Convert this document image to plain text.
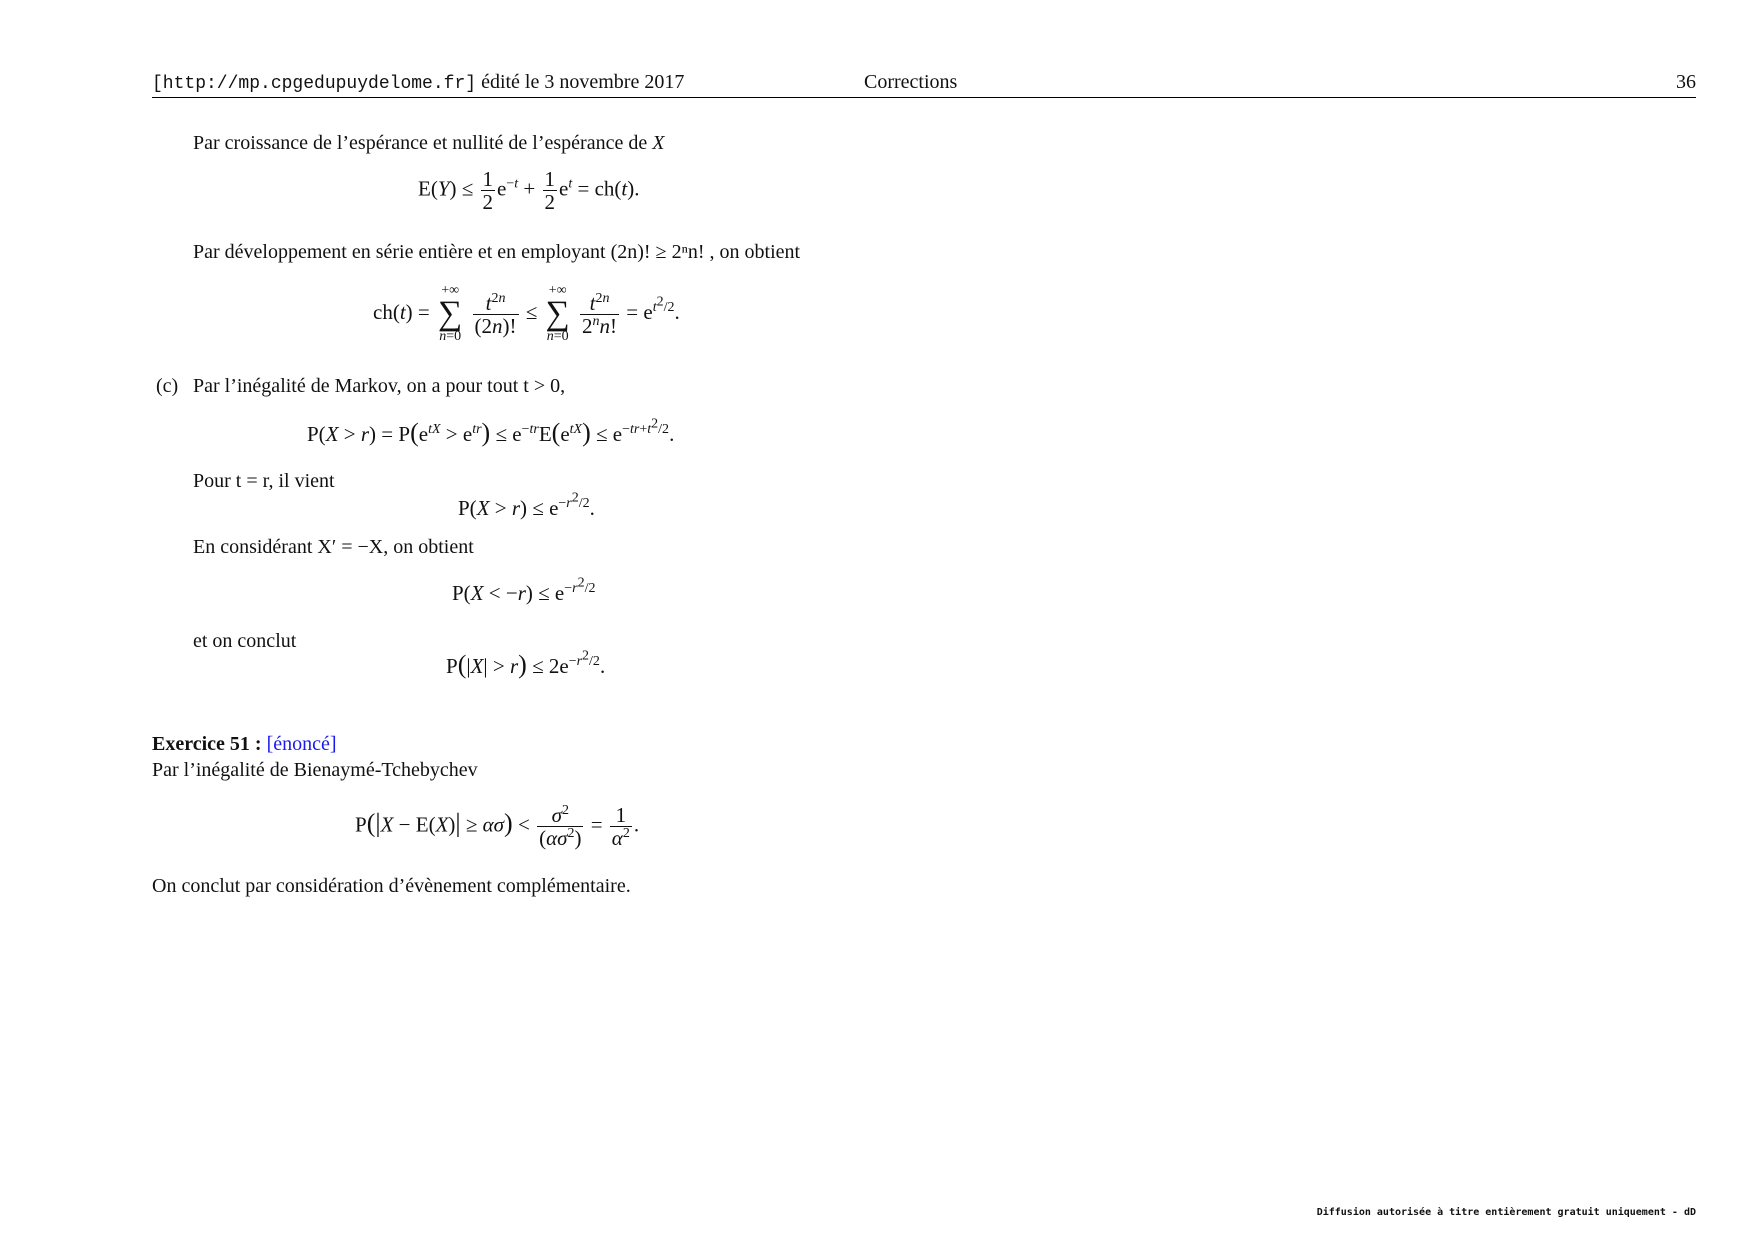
[http://mp.cpgedupuydelome.fr] édité le 3 novembre 2017	Corrections	36
Par croissance de l’espérance et nullité de l’espérance de X
$E(Y) \le \frac{1}{2} e^{-t} + \frac{1}{2} e^t = ch(t)$.
Par développement en série entière et en employant (2n)! ≥ 2ⁿn! , on obtient
ch(t) =
+∞
∑
n=0
$\frac{t^{2n}}{(2n)!}$ ≤
+∞
∑
n=0
$\frac{t^{2n}}{2^nn!} = e^{t^2/2}$.
(c) Par l’inégalité de Markov, on a pour tout t > 0,
$P(X > r) = P(e^{tX} > e^{tr}) \le e^{-tr}E(e^{tX}) \le e^{-tr+t^2/2}$.
Pour t = r, il vient
$P(X > r) \le e^{-r^2/2}$.
En considérant X′ = −X, on obtient
$P(X < -r) \le e^{-r^2/2}$
et on conclut
$P(|X| > r) \le 2e^{-r^2/2}$.
Exercice 51 : [énoncé]
Par l’inégalité de Bienaymé-Tchebychev
$P(|X - E(X)| \ge \alpha\sigma) < \frac{\sigma^2}{(\alpha\sigma^2)} = \frac{1}{\alpha^2}$ .
On conclut par considération d’évènement complémentaire.
Diffusion autorisée à titre entièrement gratuit uniquement - dD
